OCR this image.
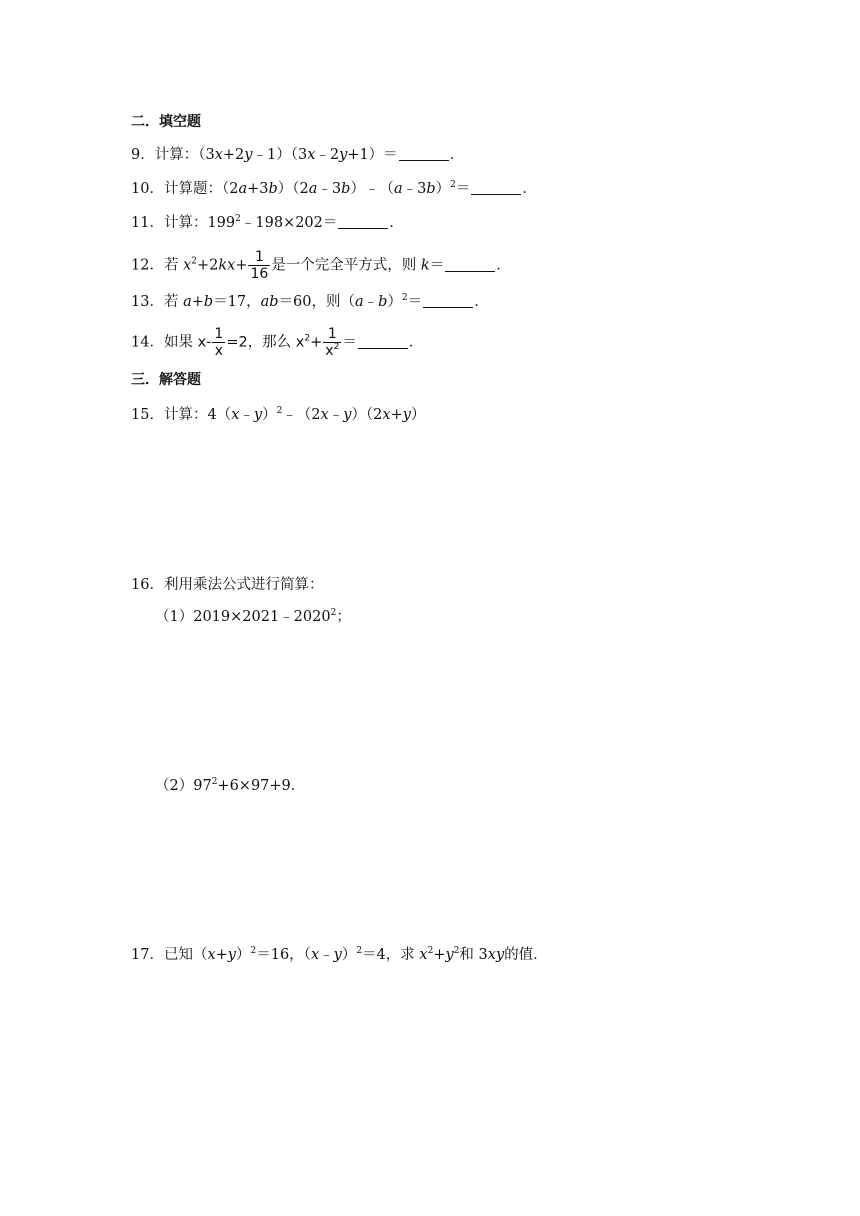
二．填空题
9．计算：（3x+2y﹣1）（3x﹣2y+1）＝	．
10．计算题：（2a+3b）（2a﹣3b）﹣（a﹣3b）$^2$＝	．
11．计算：$199^2﹣198\times 202=$	．
12．若 $x^2+2kx+ \frac{1}{16}$ 是一个完全平方式，则 k＝	．
13．若 a+b＝17，ab＝60，则（a﹣b）$^2$＝	．
14．如果 $x- \frac{1}{x} =2$，那么 $x^2+ \frac{1}{x^2}$ ＝	．
三．解答题
15．计算：4（x﹣y）$^2$﹣（2x﹣y）（2x+y）
16．利用乘法公式进行简算：
$(1)2019\times 2021﹣2020^2$；
$(2)97^2+6\times 97+9$．
17．已知$(x+y)^2=16$，（x﹣y）$^2$＝4，求 $x^2+y^2$和 3xy的值．
